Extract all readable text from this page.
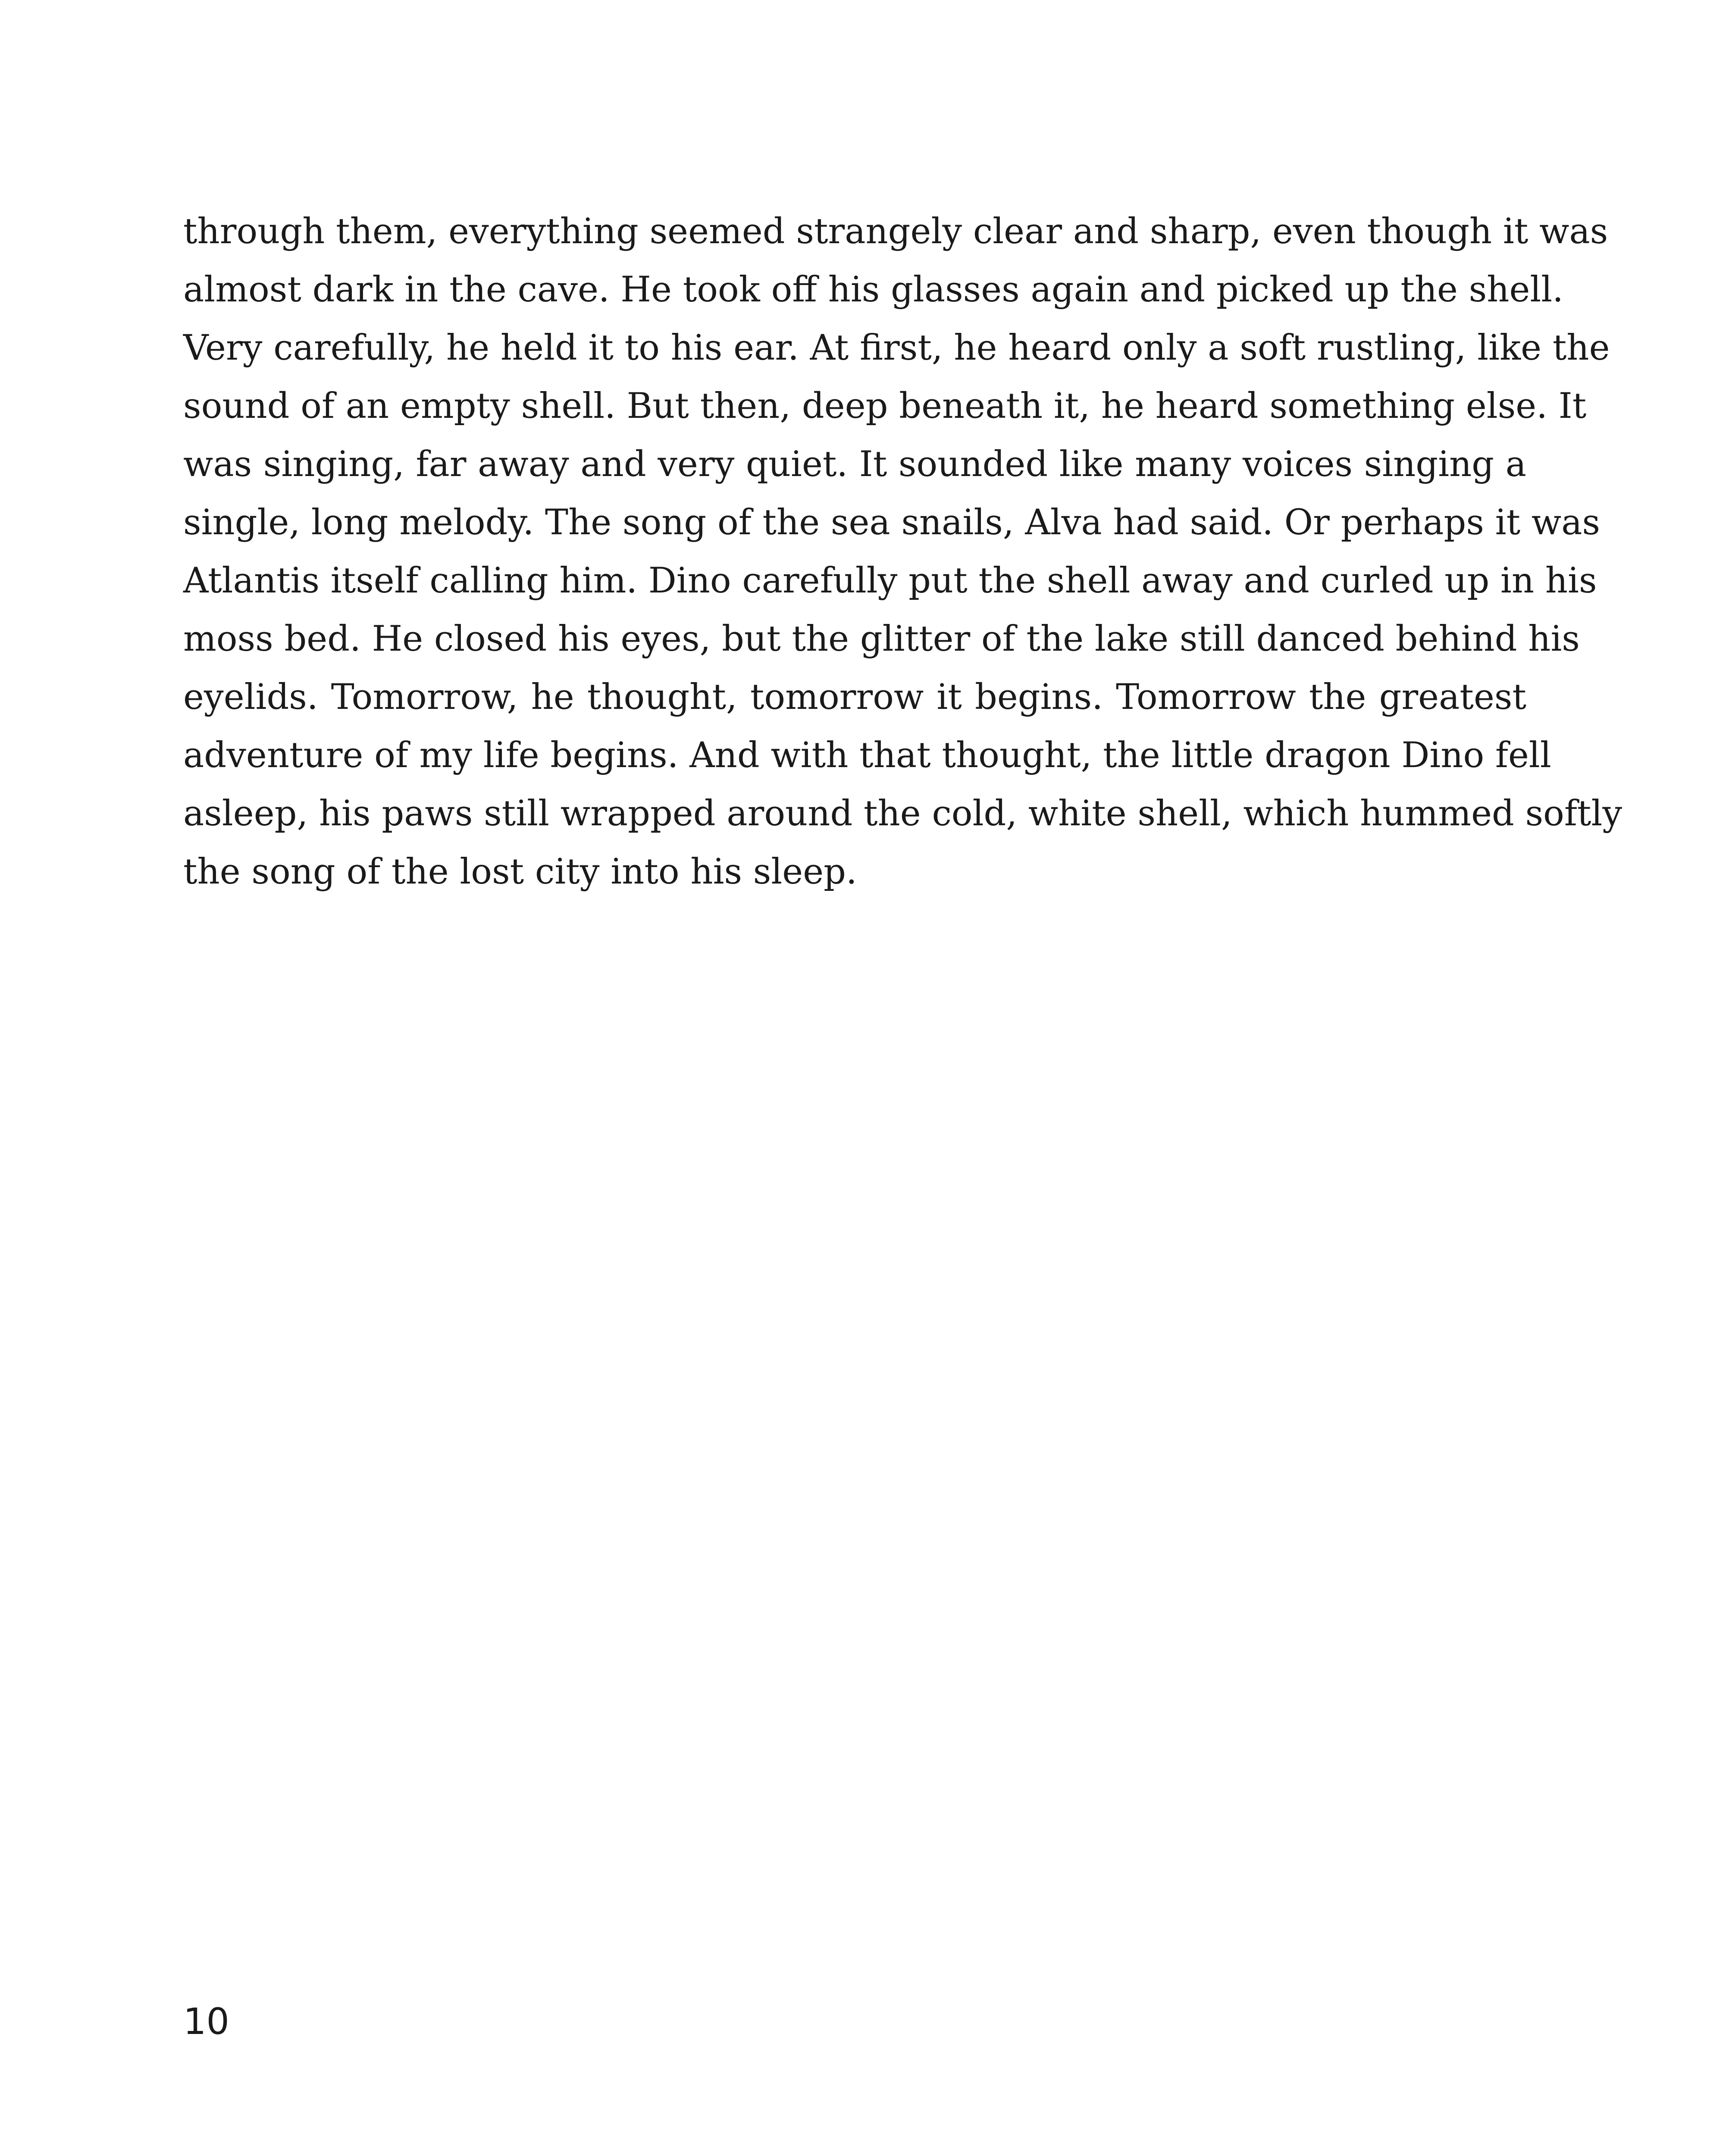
through them, everything seemed strangely clear and sharp, even though it was
almost dark in the cave. He took off his glasses again and picked up the shell.
Very carefully, he held it to his ear. At first, he heard only a soft rustling, like the
sound of an empty shell. But then, deep beneath it, he heard something else. It
was singing, far away and very quiet. It sounded like many voices singing a
single, long melody. The song of the sea snails, Alva had said. Or perhaps it was
Atlantis itself calling him. Dino carefully put the shell away and curled up in his
moss bed. He closed his eyes, but the glitter of the lake still danced behind his
eyelids. Tomorrow, he thought, tomorrow it begins. Tomorrow the greatest
adventure of my life begins. And with that thought, the little dragon Dino fell
asleep, his paws still wrapped around the cold, white shell, which hummed softly
the song of the lost city into his sleep.

10
